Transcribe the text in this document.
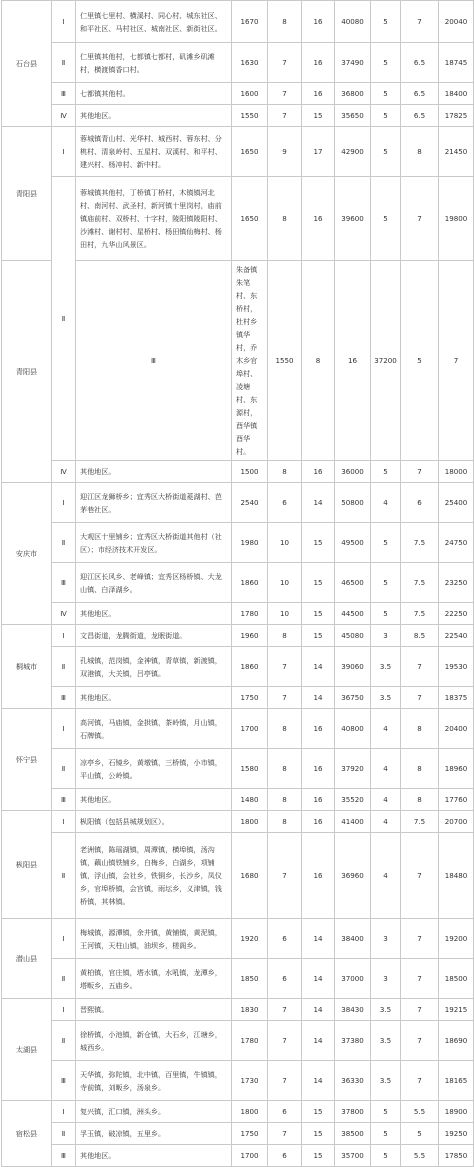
石台县	Ⅰ	仁里镇七里村、横溪村、同心村、城东社区、和平社区、马村社区、城南社区、新街社区。	1670	8	16	40080	5	7	20040	
	Ⅱ	仁里镇其他村，七都镇七都村，矶滩乡矶滩村，横渡镇香口村。	1630	7	16	37490	5	6.5	18745	
	Ⅲ	七都镇其他村。	1600	7	16	36800	5	6.5	18400	
	Ⅳ	其他地区。	1550	7	15	35650	5	6.5	17825	
青阳县	Ⅰ	蓉城镇青山村、光华村、城西村、蓉东村、分桃村、清泉岭村、五星村、双溪村、和平村、建兴村、杨冲村、新中村。	1650	9	17	42900	5	8	21450	
	Ⅱ	蓉城镇其他村，丁桥镇丁桥村，木镇镇河北村、南河村、武圣村，新河镇十里岗村，庙前镇庙前村、双桥村、十字村，陵阳镇陵阳村、沙滩村、谢村村、星桥村、杨田镇仙梅村、杨田村，九华山风景区。	1650	8	16	39600	5	7	19800	
青阳县		Ⅲ	朱备镇朱笔村、东桥村，杜村乡镇华村，乔木乡官埠村、凌塘村、东源村，酉华镇酉华村。	1550	8	16	37200	5	7	
	Ⅳ	其他地区。	1500	8	16	36000	5	7	18000	
安庆市	Ⅰ	迎江区龙狮桥乡；宜秀区大桥街道菱湖村、芭茅巷社区。	2540	6	14	50800	4	6	25400	
	Ⅱ	大观区十里铺乡；宜秀区大桥街道其他村（社区）；市经济技术开发区。	1980	10	15	49500	5	7.5	24750	
	Ⅲ	迎江区长风乡、老峰镇；宜秀区杨桥镇、大龙山镇、白泽湖乡。	1860	10	15	46500	5	7.5	23250	
	Ⅳ	其他地区。	1780	10	15	44500	5	7.5	22250	
桐城市	Ⅰ	文昌街道，龙腾街道，龙眠街道。	1960	8	15	45080	3	8.5	22540	
	Ⅱ	孔城镇，范岗镇，金神镇，青草镇，新渡镇，双港镇，大关镇，吕亭镇。	1860	7	14	39060	3.5	7	19530	
	Ⅲ	其他地区。	1750	7	14	36750	3.5	7	18375	
怀宁县	Ⅰ	高河镇，马庙镇，金拱镇，茶岭镇，月山镇，石牌镇。	1700	8	16	40800	4	8	20400	
	Ⅱ	凉亭乡，石镜乡，黄墩镇，三桥镇，小市镇，平山镇，公岭镇。	1580	8	16	37920	4	8	18960	
	Ⅲ	其他地区。	1480	8	16	35520	4	8	17760	
枞阳县	Ⅰ	枞阳镇（包括县城规划区）。	1800	8	16	41400	4	7.5	20700	
	Ⅱ	老洲镇，陈瑶湖镇，周潭镇，横埠镇，汤沟镇，藕山镇铁铺乡，白梅乡，白湖乡，项铺镇，浮山镇，会社乡，铁铜乡，长沙乡，凤仪乡，官埠桥镇，会宫镇，雨坛乡，义津镇，钱桥镇，其林镇。	1680	7	16	36960	4	7	18480	
潜山县	Ⅰ	梅城镇，源潭镇，余井镇，黄铺镇，黄泥镇，王河镇，天柱山镇，油坝乡，槎阁乡。	1920	6	14	38400	3	7	19200	
	Ⅱ	黄柏镇，官庄镇，塔水镇，水吼镇，龙潭乡，塔畈乡，五庙乡。	1850	6	14	37000	3	7	18500	
太湖县	Ⅰ	晋熙镇。	1830	7	14	38430	3.5	7	19215	
	Ⅱ	徐桥镇，小池镇，新仓镇，大石乡，江塘乡，城西乡。	1780	7	14	37380	3.5	7	18690	
	Ⅲ	天华镇，弥陀镇，北中镇，百里镇，牛镇镇，寺前镇，刘畈乡，汤泉乡。	1730	7	14	36330	3.5	7	18165	
宿松县	Ⅰ	复兴镇，汇口镇，洲头乡。	1800	6	15	37800	5	5.5	18900	
	Ⅱ	孚玉镇，破凉镇，五里乡。	1750	7	15	38500	5	5	19250	
	Ⅲ	其他地区。	1700	6	15	35700	5	5.5	17850	
